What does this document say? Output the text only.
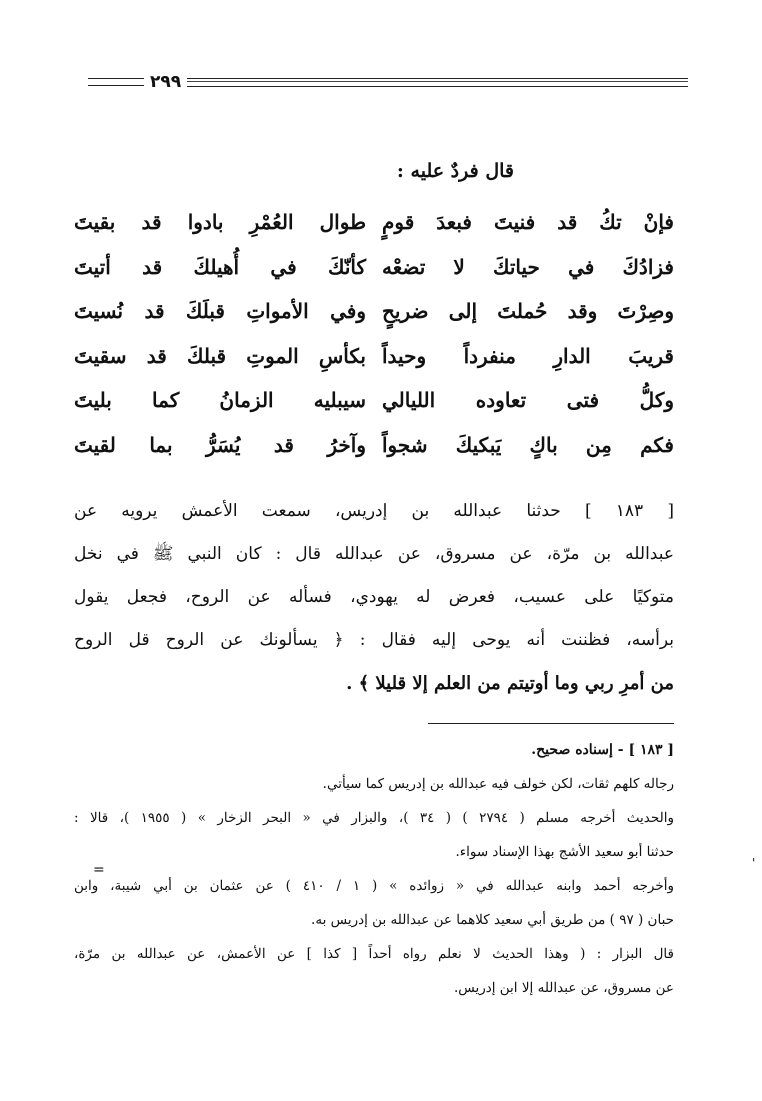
٢٩٩
قال فردٌ عليه :
فإنْ تكُ قد فنيتَ فبعدَ قومٍ
طوال العُمْرِ بادوا قد بقيتَ
فزادُكَ في حياتكَ لا تضعْه
كأنّكَ في أُهيلكَ قد أتيتَ
وصِرْتَ وقد حُملتَ إلى ضريحٍ
وفي الأمواتِ قبلَكَ قد نُسيتَ
قريبَ الدارِ منفرداً وحيداً
بكأسِ الموتِ قبلكَ قد سقيتَ
وكلُّ فتى تعاوده الليالي
سيبليه الزمانُ كما بليتَ
فكم مِن باكٍ يَبكيكَ شجواً
وآخرُ قد يُسَرُّ بما لقيتَ
[ ١٨٣ ] حدثنا عبدالله بن إدريس، سمعت الأعمش يرويه عن
عبدالله بن مرّة، عن مسروق، عن عبدالله قال : كان النبي ﷺ في نخل
متوكيًا على عسيب، فعرض له يهودي، فسأله عن الروح، فجعل يقول
برأسه، فظننت أنه يوحى إليه فقال : ﴿ يسألونك عن الروح قل الروح
من أمرِ ربي وما أوتيتم من العلم إلا قليلا ﴾ .
[ ١٨٣ ] - إسناده صحيح.
رجاله كلهم ثقات، لكن خولف فيه عبدالله بن إدريس كما سيأتي.
والحديث أخرجه مسلم ( ٢٧٩٤ ) ( ٣٤ )، والبزار في « البحر الزخار » ( ١٩٥٥ )، قالا :
حدثنا أبو سعيد الأشج بهذا الإسناد سواء.
وأخرجه أحمد وابنه عبدالله في « زوائده » ( ١ / ٤١٠ ) عن عثمان بن أبي شيبة، وابن
حبان ( ٩٧ ) من طريق أبي سعيد كلاهما عن عبدالله بن إدريس به.
قال البزار : ( وهذا الحديث لا نعلم رواه أحداً [ كذا ] عن الأعمش، عن عبدالله بن مرّة،
عن مسروق، عن عبدالله إلا ابن إدريس.
=	'
